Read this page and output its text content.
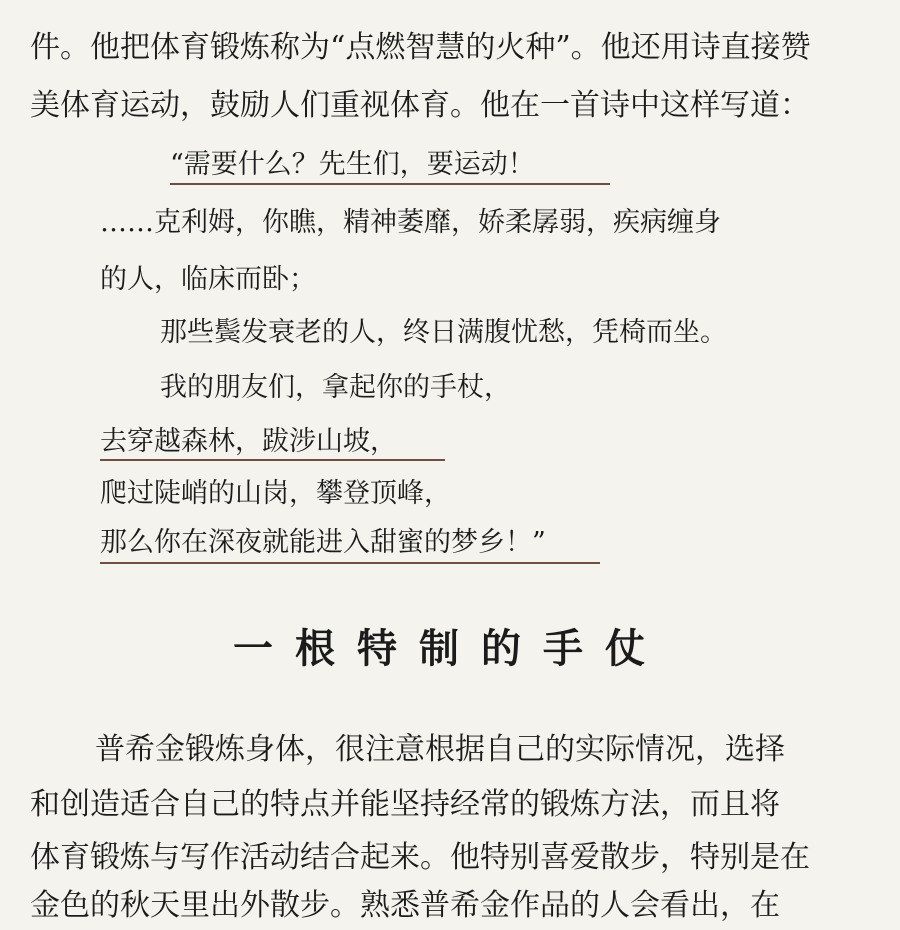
件。他把体育锻炼称为“点燃智慧的火种”。他还用诗直接赞
美体育运动，鼓励人们重视体育。他在一首诗中这样写道：
“需要什么？先生们，要运动！
……克利姆，你瞧，精神萎靡，娇柔孱弱，疾病缠身
的人，临床而卧；
那些鬓发衰老的人，终日满腹忧愁，凭椅而坐。
我的朋友们，拿起你的手杖，
去穿越森林，跋涉山坡，
爬过陡峭的山岗，攀登顶峰，
那么你在深夜就能进入甜蜜的梦乡！”
一根特制的手仗
普希金锻炼身体，很注意根据自己的实际情况，选择
和创造适合自己的特点并能坚持经常的锻炼方法，而且将
体育锻炼与写作活动结合起来。他特别喜爱散步，特别是在
金色的秋天里出外散步。熟悉普希金作品的人会看出，在
